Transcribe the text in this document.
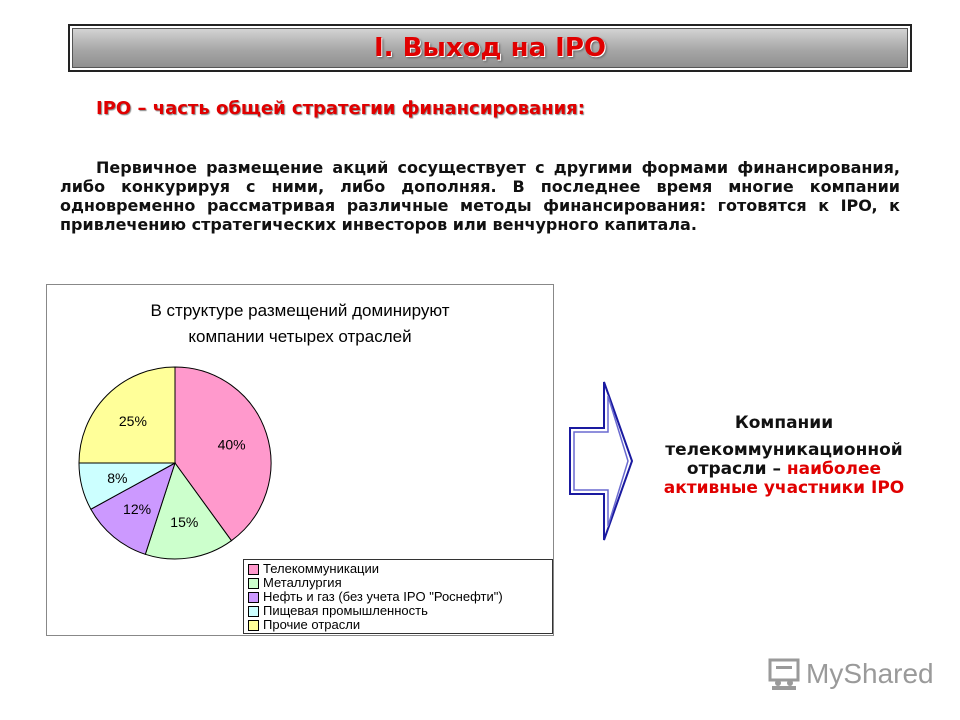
I. Выход на IPO
IPO – часть общей стратегии финансирования:
Первичное размещение акций сосуществует с другими формами финансирования, либо конкурируя с ними, либо дополняя. В последнее время многие компании одновременно рассматривая различные методы финансирования: готовятся к IPO, к привлечению стратегических инвесторов или венчурного капитала.
В структуре размещений доминируют
компании четырех отраслей
40%
15%
12%
8%
25%
Телекоммуникации
Металлургия
Нефть и газ (без учета IPO "Роснефти")
Пищевая промышленность
Прочие отрасли
Компании
телекоммуникационной
отрасли – наиболее
активные участники IPO
MyShared
